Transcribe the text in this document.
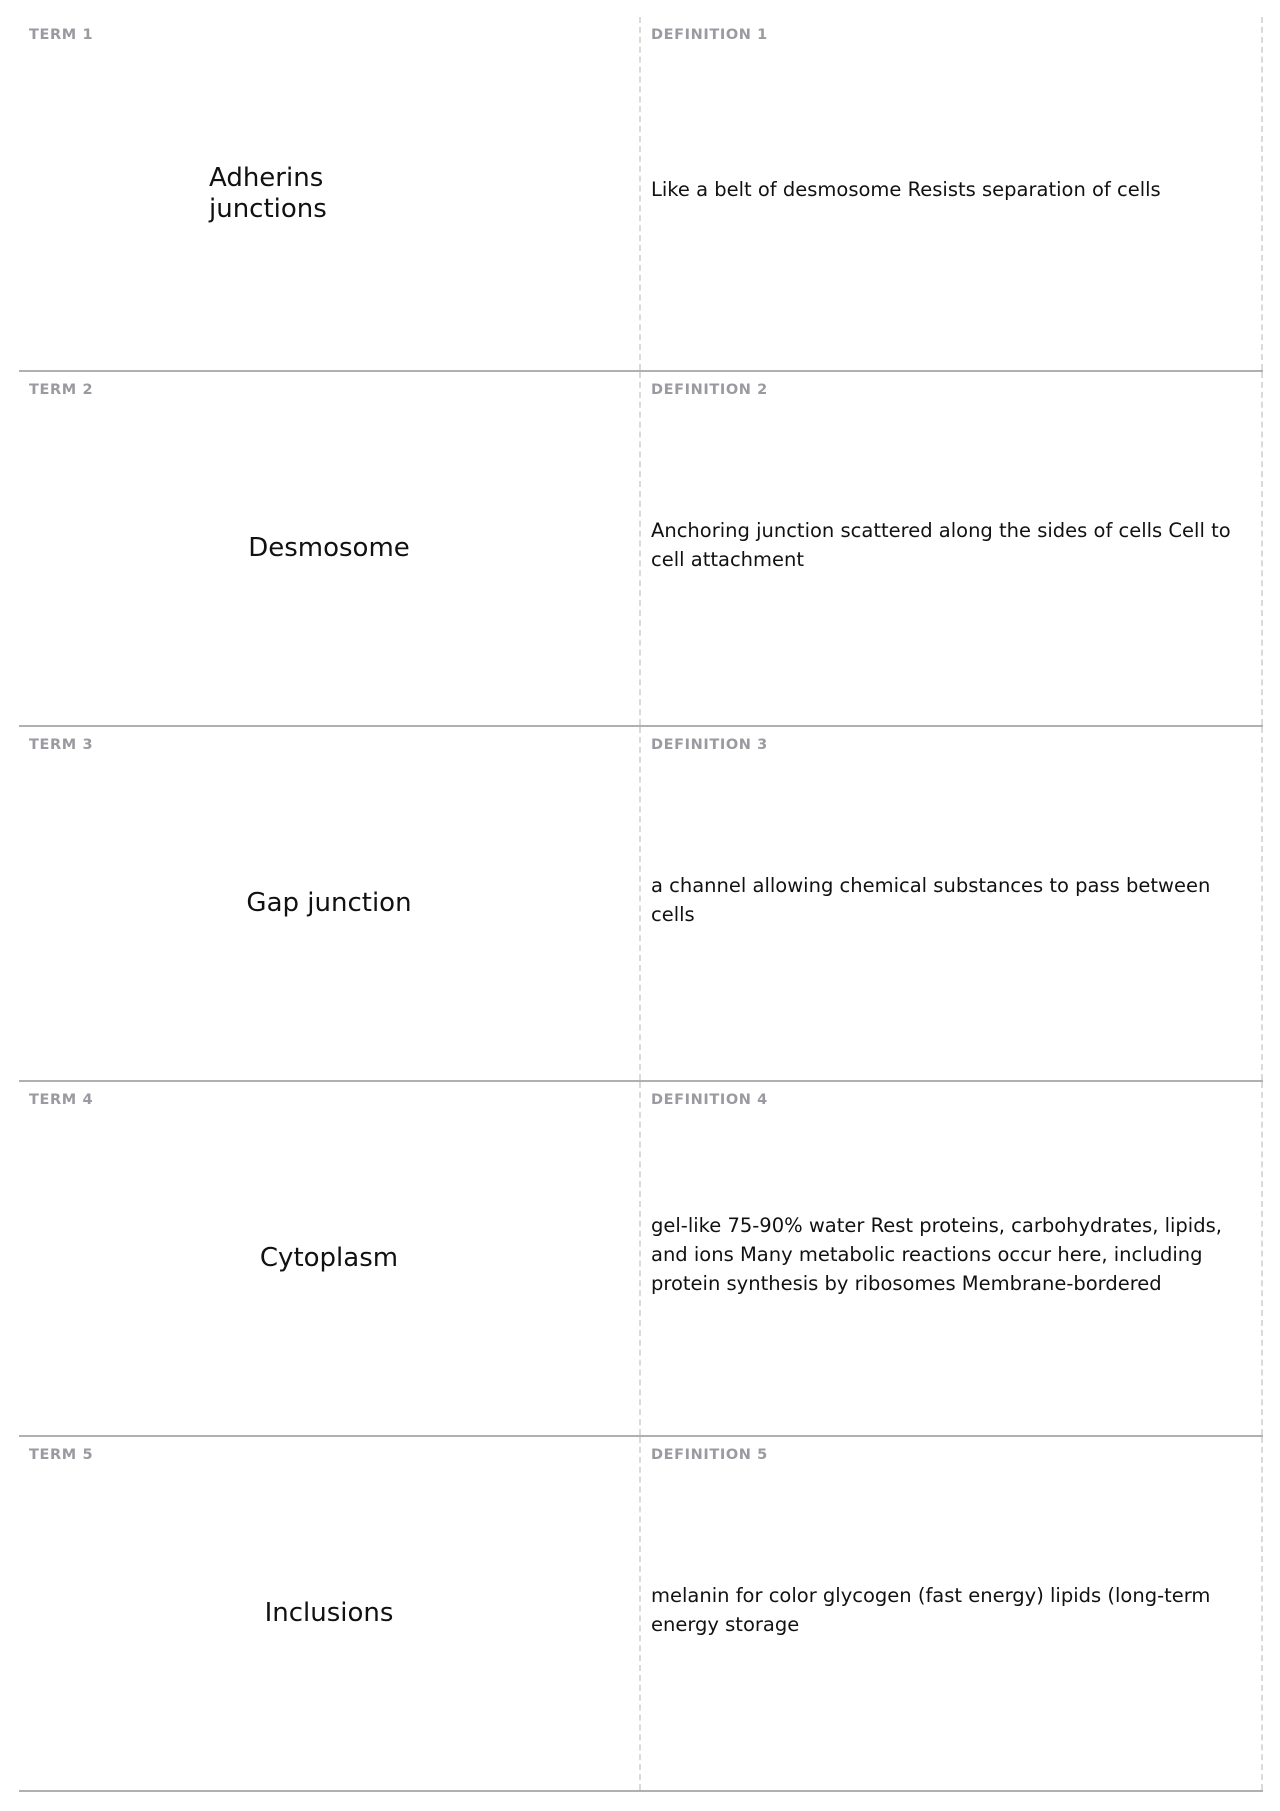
TERM 1
Adherins junctions
DEFINITION 1
Like a belt of desmosome Resists separation of cells
TERM 2
Desmosome
DEFINITION 2
Anchoring junction scattered along the sides of cells Cell to cell attachment
TERM 3
Gap junction
DEFINITION 3
a channel allowing chemical substances to pass between cells
TERM 4
Cytoplasm
DEFINITION 4
gel-like 75-90% water Rest proteins, carbohydrates, lipids, and ions Many metabolic reactions occur here, including protein synthesis by ribosomes Membrane-bordered
TERM 5
Inclusions
DEFINITION 5
melanin for color glycogen (fast energy) lipids (long-term energy storage
